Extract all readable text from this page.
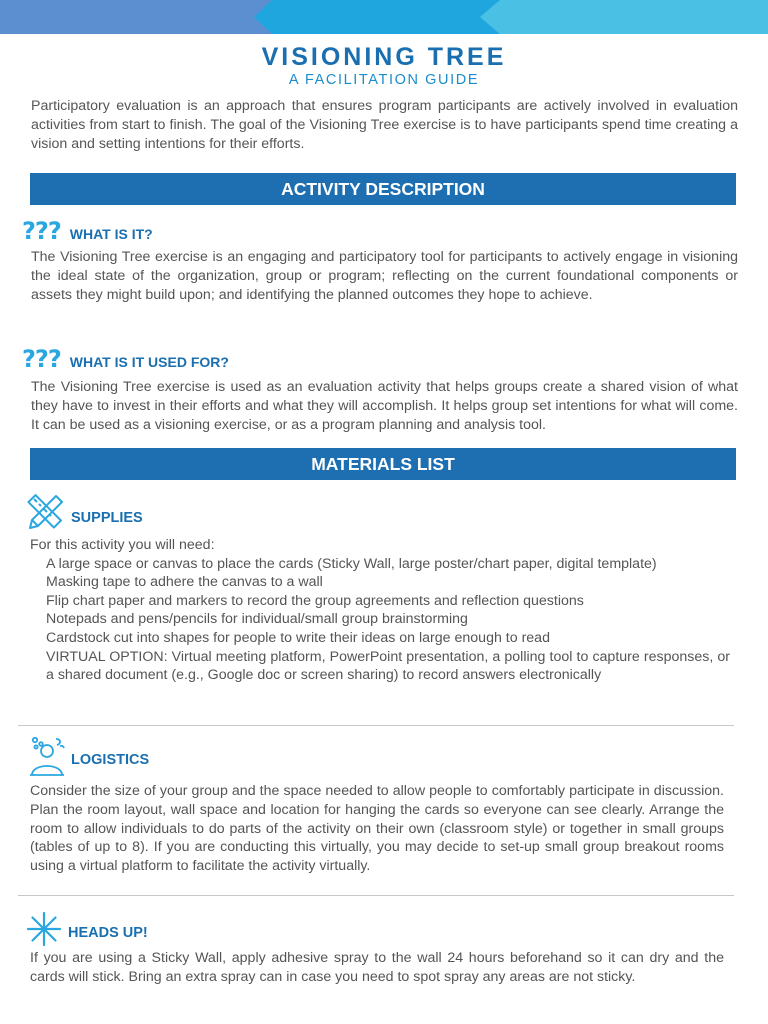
VISIONING TREE
A FACILITATION GUIDE
Participatory evaluation is an approach that ensures program participants are actively involved in evaluation activities from start to finish. The goal of the Visioning Tree exercise is to have participants spend time creating a vision and setting intentions for their efforts.
ACTIVITY DESCRIPTION
??? WHAT IS IT?
The Visioning Tree exercise is an engaging and participatory tool for participants to actively engage in visioning the ideal state of the organization, group or program; reflecting on the current foundational components or assets they might build upon; and identifying the planned outcomes they hope to achieve.
??? WHAT IS IT USED FOR?
The Visioning Tree exercise is used as an evaluation activity that helps groups create a shared vision of what they have to invest in their efforts and what they will accomplish. It helps group set intentions for what will come. It can be used as a visioning exercise, or as a program planning and analysis tool.
MATERIALS LIST
SUPPLIES

For this activity you will need:

A large space or canvas to place the cards (Sticky Wall, large poster/chart paper, digital template)
Masking tape to adhere the canvas to a wall
Flip chart paper and markers to record the group agreements and reflection questions
Notepads and pens/pencils for individual/small group brainstorming
Cardstock cut into shapes for people to write their ideas on large enough to read
VIRTUAL OPTION: Virtual meeting platform, PowerPoint presentation, a polling tool to capture responses, or a shared document (e.g., Google doc or screen sharing) to record answers electronically
LOGISTICS
Consider the size of your group and the space needed to allow people to comfortably participate in discussion. Plan the room layout, wall space and location for hanging the cards so everyone can see clearly. Arrange the room to allow individuals to do parts of the activity on their own (classroom style) or together in small groups (tables of up to 8). If you are conducting this virtually, you may decide to set-up small group breakout rooms using a virtual platform to facilitate the activity virtually.
HEADS UP!
If you are using a Sticky Wall, apply adhesive spray to the wall 24 hours beforehand so it can dry and the cards will stick. Bring an extra spray can in case you need to spot spray any areas are not sticky.
